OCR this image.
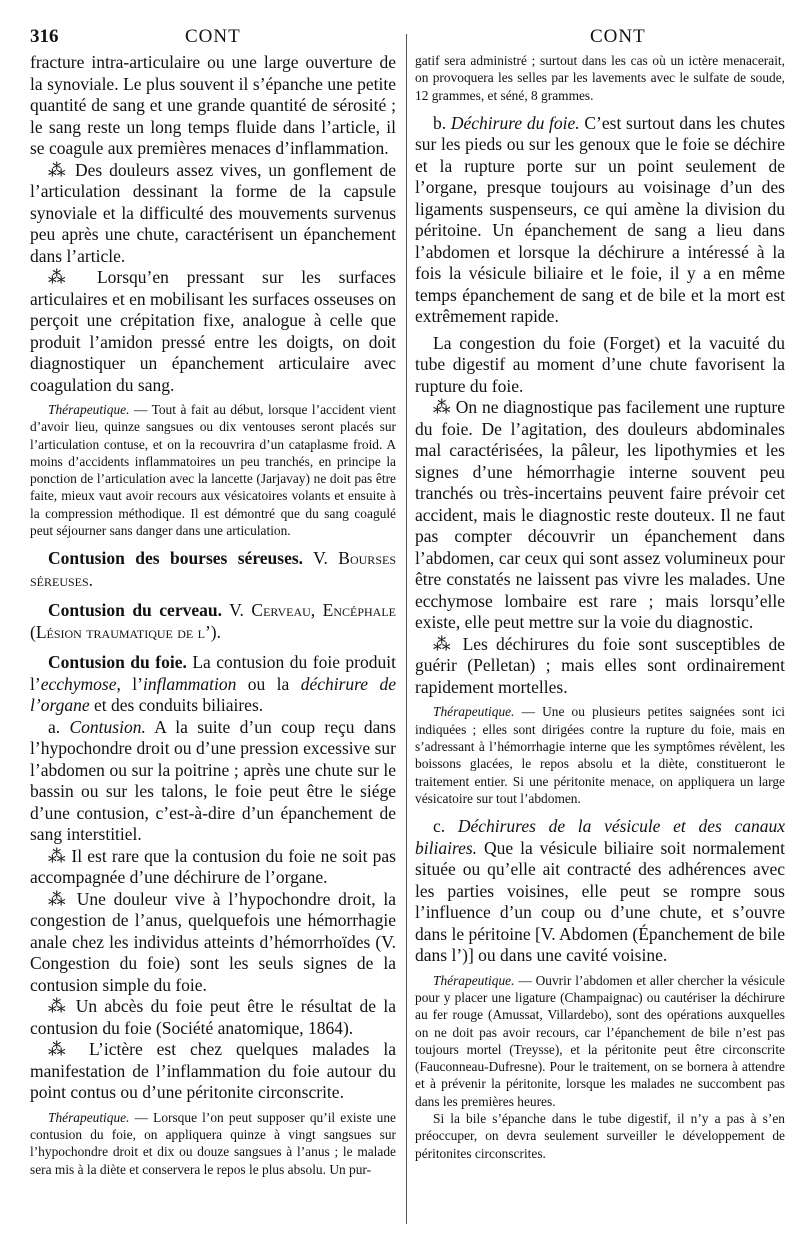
316	CONT	CONT

fracture intra-articulaire ou une large ouverture de la synoviale. Le plus souvent il s’épanche une petite quantité de sang et une grande quantité de sérosité ; le sang reste un long temps fluide dans l’article, il se coagule aux premières menaces d’inflammation.

⁂ Des douleurs assez vives, un gonflement de l’articulation dessinant la forme de la capsule synoviale et la difficulté des mouvements survenus peu après une chute, caractérisent un épanchement dans l’article.

⁂ Lorsqu’en pressant sur les surfaces articulaires et en mobilisant les surfaces osseuses on perçoit une crépitation fixe, analogue à celle que produit l’amidon pressé entre les doigts, on doit diagnostiquer un épanchement articulaire avec coagulation du sang.

Thérapeutique. — Tout à fait au début, lorsque l’accident vient d’avoir lieu, quinze sangsues ou dix ventouses seront placés sur l’articulation contuse, et on la recouvrira d’un cataplasme froid. A moins d’accidents inflammatoires un peu tranchés, en principe la ponction de l’articulation avec la lancette (Jarjavay) ne doit pas être faite, mieux vaut avoir recours aux vésicatoires volants et ensuite à la compression méthodique. Il est démontré que du sang coagulé peut séjourner sans danger dans une articulation.

Contusion des bourses séreuses. V. Bourses séreuses.

Contusion du cerveau. V. Cerveau, Encéphale (Lésion traumatique de l’).

Contusion du foie. La contusion du foie produit l’ecchymose, l’inflammation ou la déchirure de l’organe et des conduits biliaires.

a. Contusion. A la suite d’un coup reçu dans l’hypochondre droit ou d’une pression excessive sur l’abdomen ou sur la poitrine ; après une chute sur le bassin ou sur les talons, le foie peut être le siége d’une contusion, c’est-à-dire d’un épanchement de sang interstitiel.

⁂ Il est rare que la contusion du foie ne soit pas accompagnée d’une déchirure de l’organe.

⁂ Une douleur vive à l’hypochondre droit, la congestion de l’anus, quelquefois une hémorrhagie anale chez les individus atteints d’hémorrhoïdes (V. Congestion du foie) sont les seuls signes de la contusion simple du foie.

⁂ Un abcès du foie peut être le résultat de la contusion du foie (Société anatomique, 1864).

⁂ L’ictère est chez quelques malades la manifestation de l’inflammation du foie autour du point contus ou d’une péritonite circonscrite.

Thérapeutique. — Lorsque l’on peut supposer qu’il existe une contusion du foie, on appliquera quinze à vingt sangsues sur l’hypochondre droit et dix ou douze sangsues à l’anus ; le malade sera mis à la diète et conservera le repos le plus absolu. Un pur-

gatif sera administré ; surtout dans les cas où un ictère menacerait, on provoquera les selles par les lavements avec le sulfate de soude, 12 grammes, et séné, 8 grammes.

b. Déchirure du foie. C’est surtout dans les chutes sur les pieds ou sur les genoux que le foie se déchire et la rupture porte sur un point seulement de l’organe, presque toujours au voisinage d’un des ligaments suspenseurs, ce qui amène la division du péritoine. Un épanchement de sang a lieu dans l’abdomen et lorsque la déchirure a intéressé à la fois la vésicule biliaire et le foie, il y a en même temps épanchement de sang et de bile et la mort est extrêmement rapide.

La congestion du foie (Forget) et la vacuité du tube digestif au moment d’une chute favorisent la rupture du foie.

⁂ On ne diagnostique pas facilement une rupture du foie. De l’agitation, des douleurs abdominales mal caractérisées, la pâleur, les lipothymies et les signes d’une hémorrhagie interne souvent peu tranchés ou très-incertains peuvent faire prévoir cet accident, mais le diagnostic reste douteux. Il ne faut pas compter découvrir un épanchement dans l’abdomen, car ceux qui sont assez volumineux pour être constatés ne laissent pas vivre les malades. Une ecchymose lombaire est rare ; mais lorsqu’elle existe, elle peut mettre sur la voie du diagnostic.

⁂ Les déchirures du foie sont susceptibles de guérir (Pelletan) ; mais elles sont ordinairement rapidement mortelles.

Thérapeutique. — Une ou plusieurs petites saignées sont ici indiquées ; elles sont dirigées contre la rupture du foie, mais en s’adressant à l’hémorrhagie interne que les symptômes révèlent, les boissons glacées, le repos absolu et la diète, constitueront le traitement entier. Si une péritonite menace, on appliquera un large vésicatoire sur tout l’abdomen.

c. Déchirures de la vésicule et des canaux biliaires. Que la vésicule biliaire soit normalement située ou qu’elle ait contracté des adhérences avec les parties voisines, elle peut se rompre sous l’influence d’un coup ou d’une chute, et s’ouvre dans le péritoine [V. Abdomen (Épanchement de bile dans l’)] ou dans une cavité voisine.

Thérapeutique. — Ouvrir l’abdomen et aller chercher la vésicule pour y placer une ligature (Champaignac) ou cautériser la déchirure au fer rouge (Amussat, Villardebo), sont des opérations auxquelles on ne doit pas avoir recours, car l’épanchement de bile n’est pas toujours mortel (Treysse), et la péritonite peut être circonscrite (Fauconneau-Dufresne). Pour le traitement, on se bornera à attendre et à prévenir la péritonite, lorsque les malades ne succombent pas dans les premières heures.

Si la bile s’épanche dans le tube digestif, il n’y a pas à s’en préoccuper, on devra seulement surveiller le développement de péritonites circonscrites.
